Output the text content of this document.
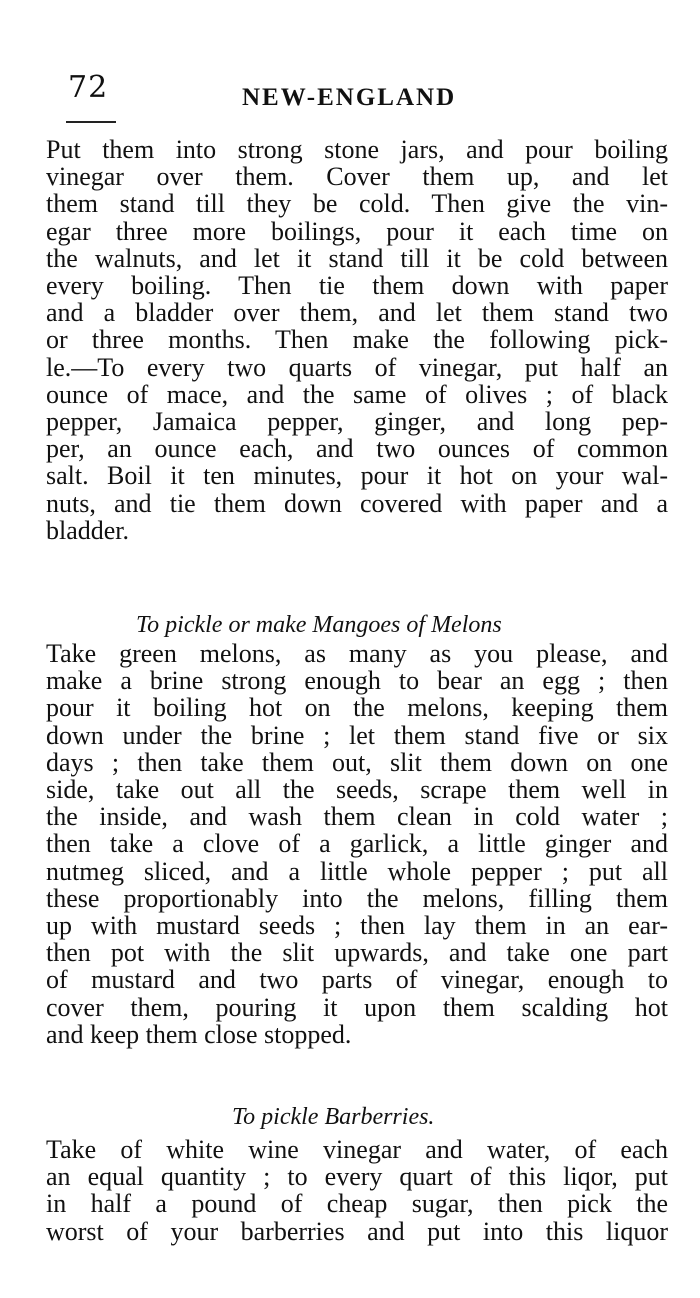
72	NEW-ENGLAND
Put them into strong stone jars, and pour boiling
vinegar over them. Cover them up, and let
them stand till they be cold. Then give the vin-
egar three more boilings, pour it each time on
the walnuts, and let it stand till it be cold between
every boiling. Then tie them down with paper
and a bladder over them, and let them stand two
or three months. Then make the following pick-
le.—To every two quarts of vinegar, put half an
ounce of mace, and the same of olives ; of black
pepper, Jamaica pepper, ginger, and long pep-
per, an ounce each, and two ounces of common
salt. Boil it ten minutes, pour it hot on your wal-
nuts, and tie them down covered with paper and a
bladder.
To pickle or make Mangoes of Melons
Take green melons, as many as you please, and
make a brine strong enough to bear an egg ; then
pour it boiling hot on the melons, keeping them
down under the brine ; let them stand five or six
days ; then take them out, slit them down on one
side, take out all the seeds, scrape them well in
the inside, and wash them clean in cold water ;
then take a clove of a garlick, a little ginger and
nutmeg sliced, and a little whole pepper ; put all
these proportionably into the melons, filling them
up with mustard seeds ; then lay them in an ear-
then pot with the slit upwards, and take one part
of mustard and two parts of vinegar, enough to
cover them, pouring it upon them scalding hot
and keep them close stopped.
To pickle Barberries.
Take of white wine vinegar and water, of each
an equal quantity ; to every quart of this liqor, put
in half a pound of cheap sugar, then pick the
worst of your barberries and put into this liquor
